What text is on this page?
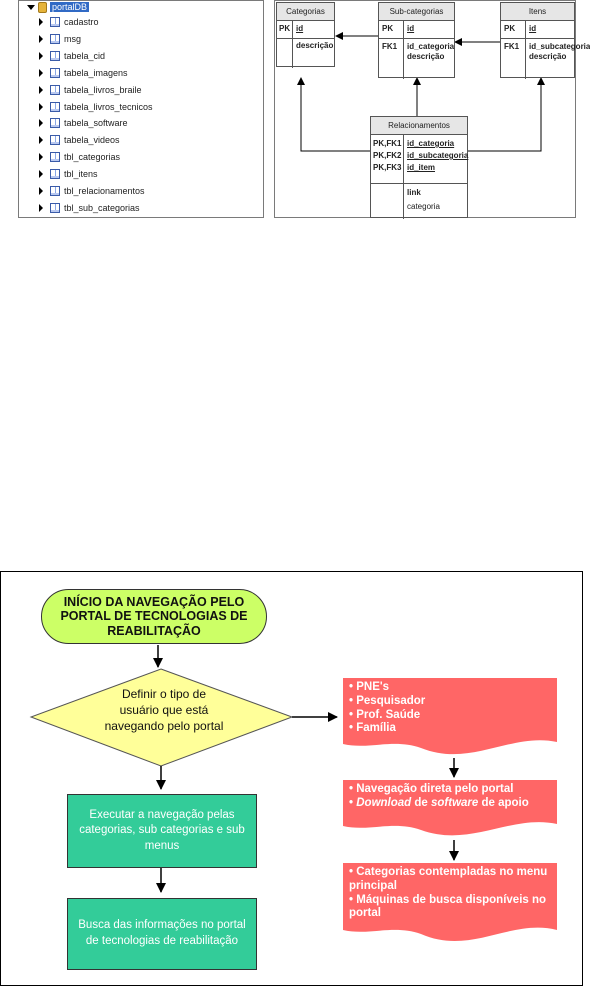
portalDB
cadastro
msg
tabela_cid
tabela_imagens
tabela_livros_braile
tabela_livros_tecnicos
tabela_software
tabela_videos
tbl_categorias
tbl_itens
tbl_relacionamentos
tbl_sub_categorias
Categorias
PK id
descrição
Sub-categorias
PK id
FK1 id_categoria
descrição
Itens
PK id
FK1 id_subcategoria
descrição
Relacionamentos
PK,FK1
PK,FK2
PK,FK3
id_categoria
id_subcategoria
id_item
link
categoria
INÍCIO DA NAVEGAÇÃO PELO PORTAL DE TECNOLOGIAS DE REABILITAÇÃO
Definir o tipo de usuário que está navegando pelo portal
Executar a navegação pelas categorias, sub categorias e sub menus
Busca das informações no portal de tecnologias de reabilitação
• PNE's
• Pesquisador
• Prof. Saúde
• Família
• Navegação direta pelo portal
• Download de software de apoio
• Categorias contempladas no menu principal
• Máquinas de busca disponíveis no portal
